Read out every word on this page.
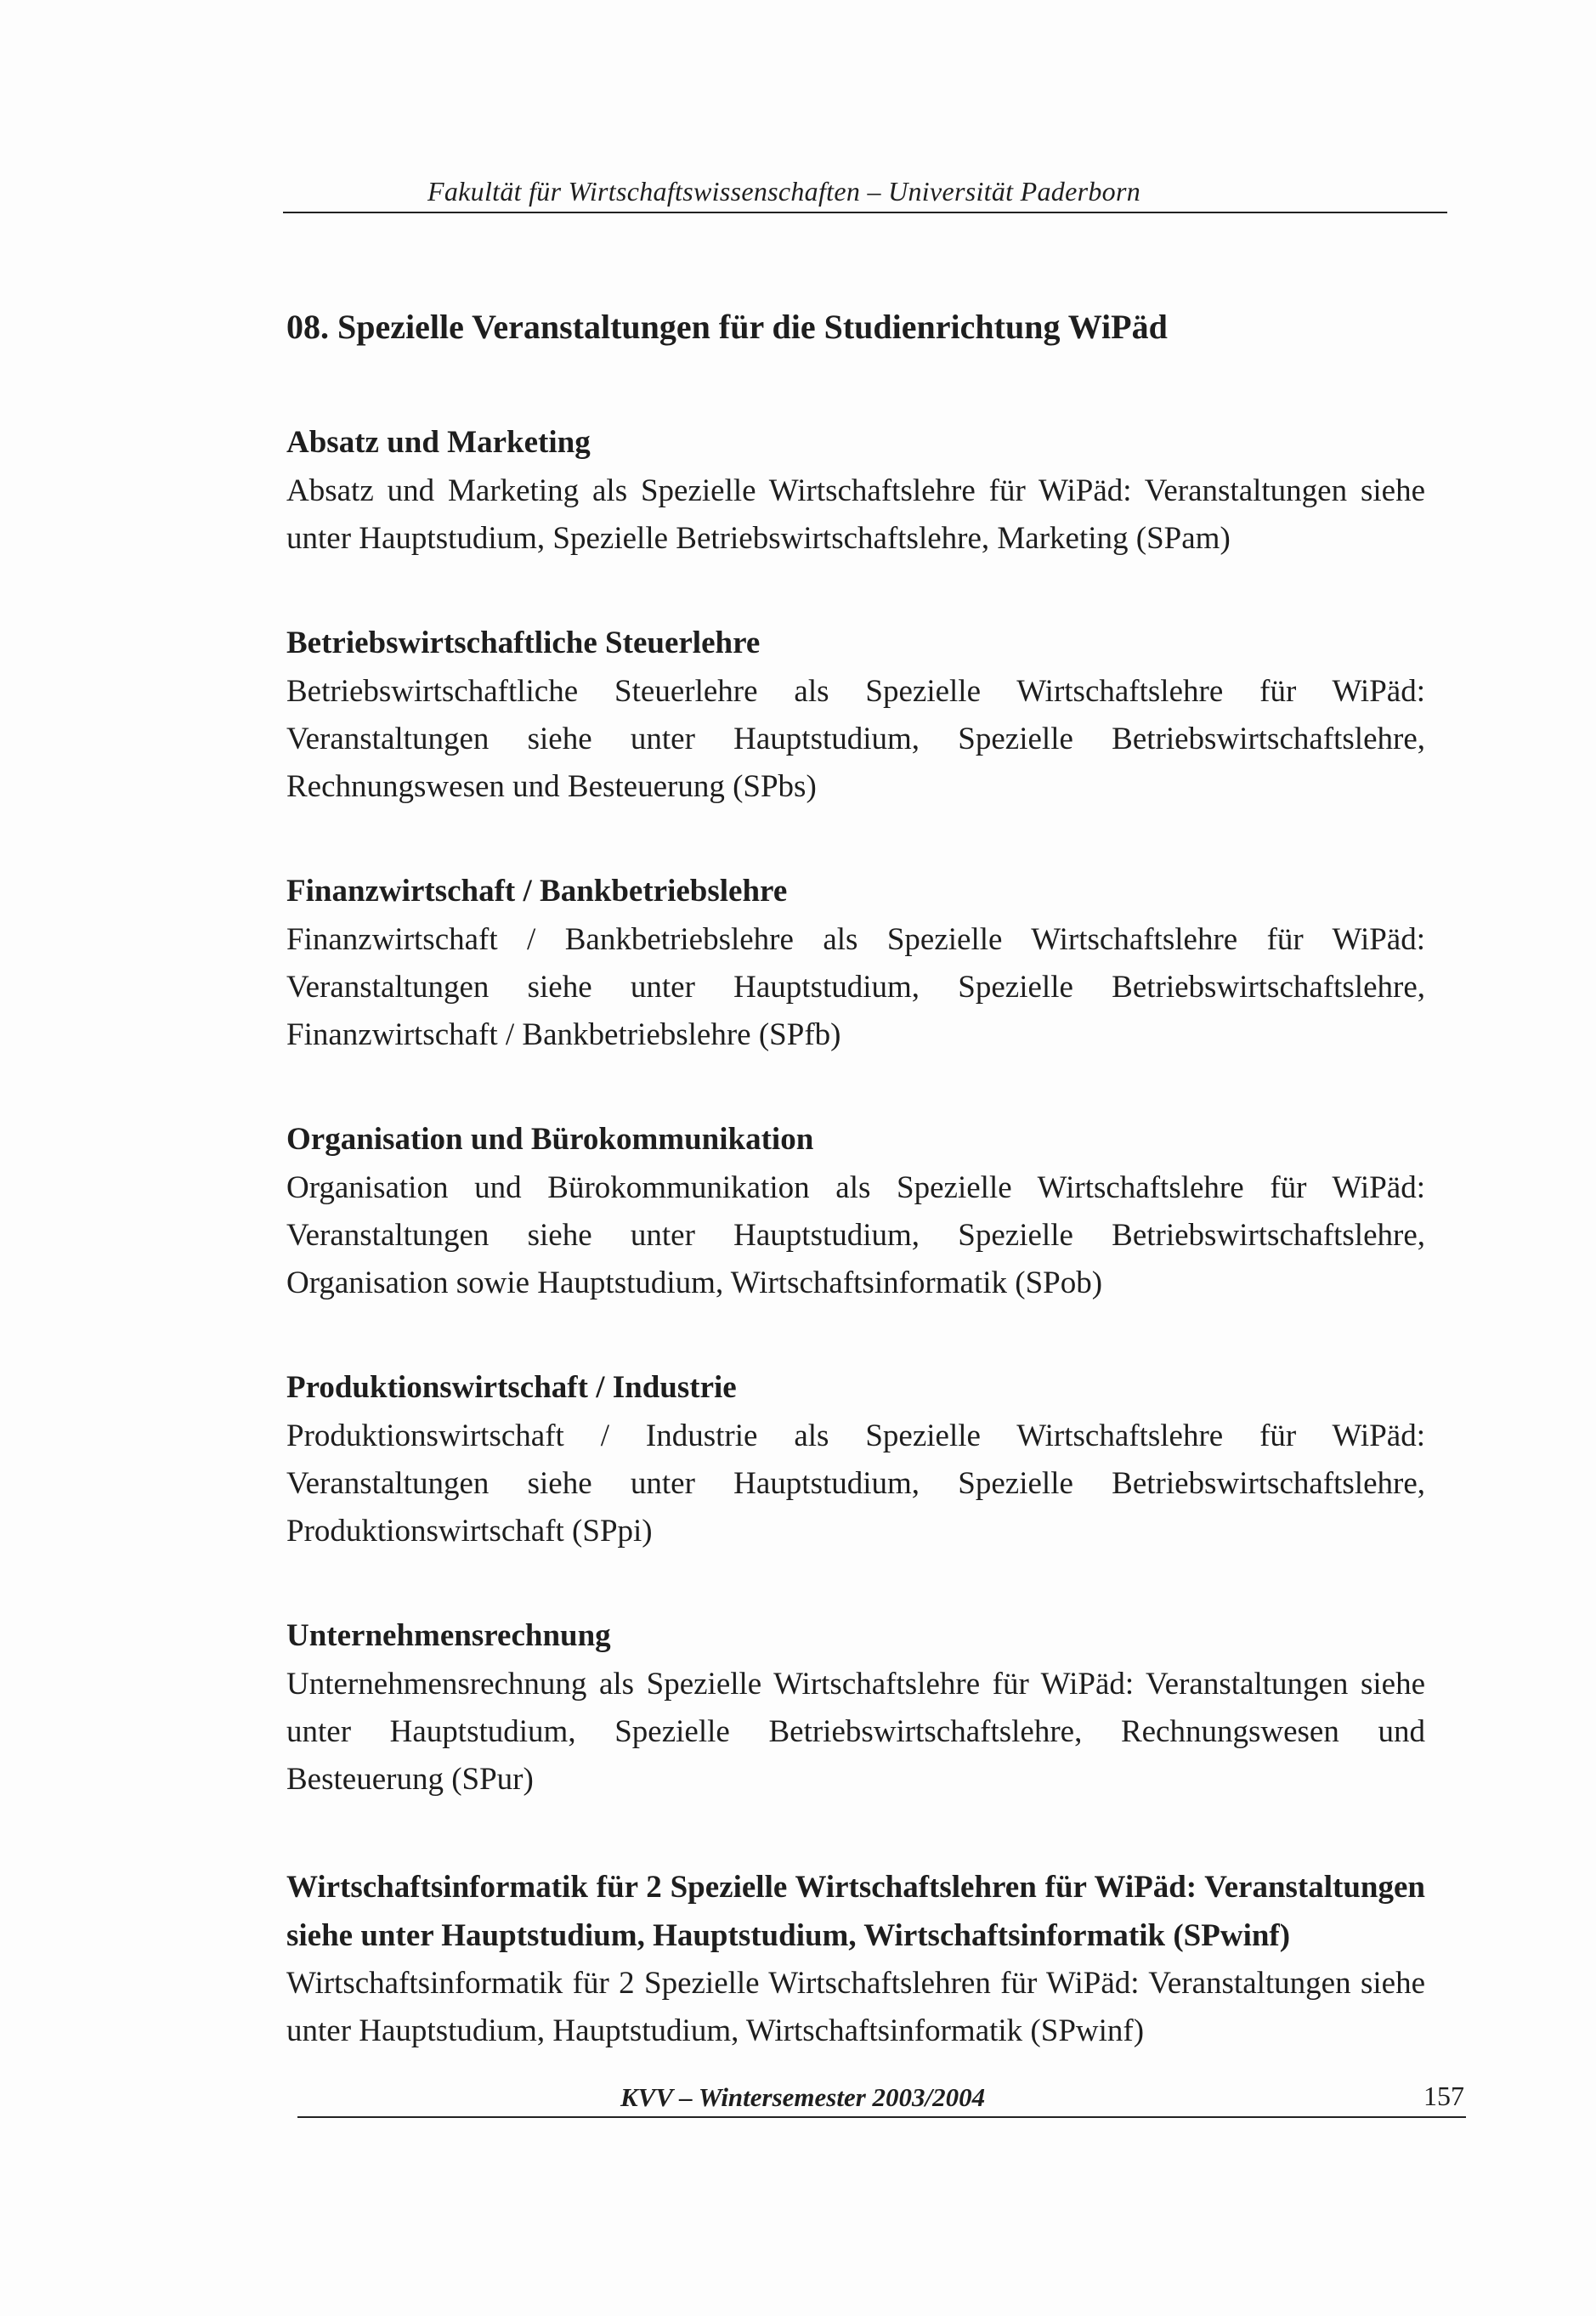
Fakultät für Wirtschaftswissenschaften – Universität Paderborn
08. Spezielle Veranstaltungen für die Studienrichtung WiPäd
Absatz und Marketing

Absatz und Marketing als Spezielle Wirtschaftslehre für WiPäd: Veranstaltungen siehe unter Hauptstudium, Spezielle Betriebswirtschaftslehre, Marketing (SPam)

Betriebswirtschaftliche Steuerlehre

Betriebswirtschaftliche Steuerlehre als Spezielle Wirtschaftslehre für WiPäd: Veranstaltungen siehe unter Hauptstudium, Spezielle Betriebswirtschaftslehre, Rechnungswesen und Besteuerung (SPbs)

Finanzwirtschaft / Bankbetriebslehre

Finanzwirtschaft / Bankbetriebslehre als Spezielle Wirtschaftslehre für WiPäd: Veranstaltungen siehe unter Hauptstudium, Spezielle Betriebswirtschaftslehre, Finanzwirtschaft / Bankbetriebslehre (SPfb)

Organisation und Bürokommunikation

Organisation und Bürokommunikation als Spezielle Wirtschaftslehre für WiPäd: Veranstaltungen siehe unter Hauptstudium, Spezielle Betriebswirtschaftslehre, Organisation sowie Hauptstudium, Wirtschaftsinformatik (SPob)

Produktionswirtschaft / Industrie

Produktionswirtschaft / Industrie als Spezielle Wirtschaftslehre für WiPäd: Veranstaltungen siehe unter Hauptstudium, Spezielle Betriebswirtschaftslehre, Produktionswirtschaft (SPpi)

Unternehmensrechnung

Unternehmensrechnung als Spezielle Wirtschaftslehre für WiPäd: Veranstaltungen siehe unter Hauptstudium, Spezielle Betriebswirtschaftslehre, Rechnungswesen und Besteuerung (SPur)

Wirtschaftsinformatik für 2 Spezielle Wirtschaftslehren für WiPäd: Veranstaltungen siehe unter Hauptstudium, Hauptstudium, Wirtschaftsinformatik (SPwinf)

Wirtschaftsinformatik für 2 Spezielle Wirtschaftslehren für WiPäd: Veranstaltungen siehe unter Hauptstudium, Hauptstudium, Wirtschaftsinformatik (SPwinf)

KVV – Wintersemester 2003/2004	157
